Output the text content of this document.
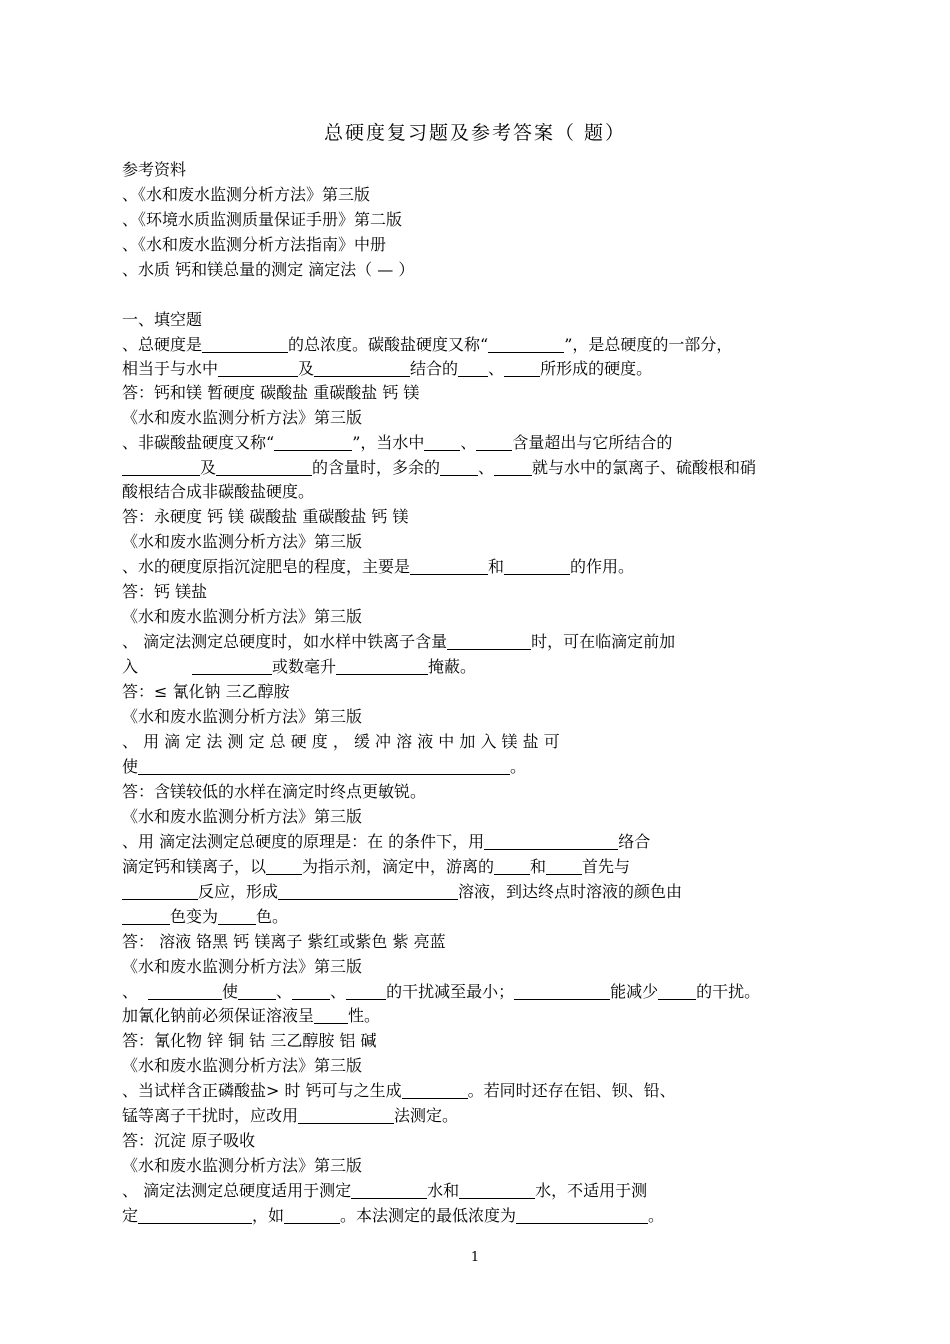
总硬度复习题及参考答案（ 题）
参考资料
、《水和废水监测分析方法》第三版
、《环境水质监测质量保证手册》第二版
、《水和废水监测分析方法指南》中册
、水质 钙和镁总量的测定 滴定法（ — ）
一、填空题
、总硬度是	的总浓度。碳酸盐硬度又称“	”，是总硬度的一部分，
相当于与水中	及	结合的 、 所形成的硬度。
答：钙和镁 暂硬度 碳酸盐 重碳酸盐 钙 镁
《水和废水监测分析方法》第三版
、非碳酸盐硬度又称“	”，当水中 、 含量超出与它所结合的
及	的含量时，多余的 、 就与水中的氯离子、硫酸根和硝
酸根结合成非碳酸盐硬度。
答：永硬度 钙 镁 碳酸盐 重碳酸盐 钙 镁
《水和废水监测分析方法》第三版
、水的硬度原指沉淀肥皂的程度，主要是	和	的作用。
答：钙 镁盐
《水和废水监测分析方法》第三版
、 滴定法测定总硬度时，如水样中铁离子含量	时，可在临滴定前加
入	或数毫升	掩蔽。
答：≤ 氰化钠 三乙醇胺
《水和废水监测分析方法》第三版
、 用 滴 定 法 测 定 总 硬 度 ， 缓 冲 溶 液 中 加 入 镁 盐 可
使	。
答：含镁较低的水样在滴定时终点更敏锐。
《水和废水监测分析方法》第三版
、用 滴定法测定总硬度的原理是：在 的条件下，用	络合
滴定钙和镁离子，以 为指示剂，滴定中，游离的 和 首先与
反应，形成	溶液，到达终点时溶液的颜色由
色变为 色。
答： 溶液 铬黑 钙 镁离子 紫红或紫色 紫 亮蓝
《水和废水监测分析方法》第三版
、	使 、 、	的干扰减至最小；	能减少 的干扰。
加氰化钠前必须保证溶液呈 性。
答：氰化物 锌 铜 钴 三乙醇胺 铝 碱
《水和废水监测分析方法》第三版
、当试样含正磷酸盐> 时 钙可与之生成	。若同时还存在铝、钡、铅、
锰等离子干扰时，应改用	法测定。
答：沉淀 原子吸收
《水和废水监测分析方法》第三版
、 滴定法测定总硬度适用于测定	水和	水，不适用于测
定	，如	。本法测定的最低浓度为	。
1
